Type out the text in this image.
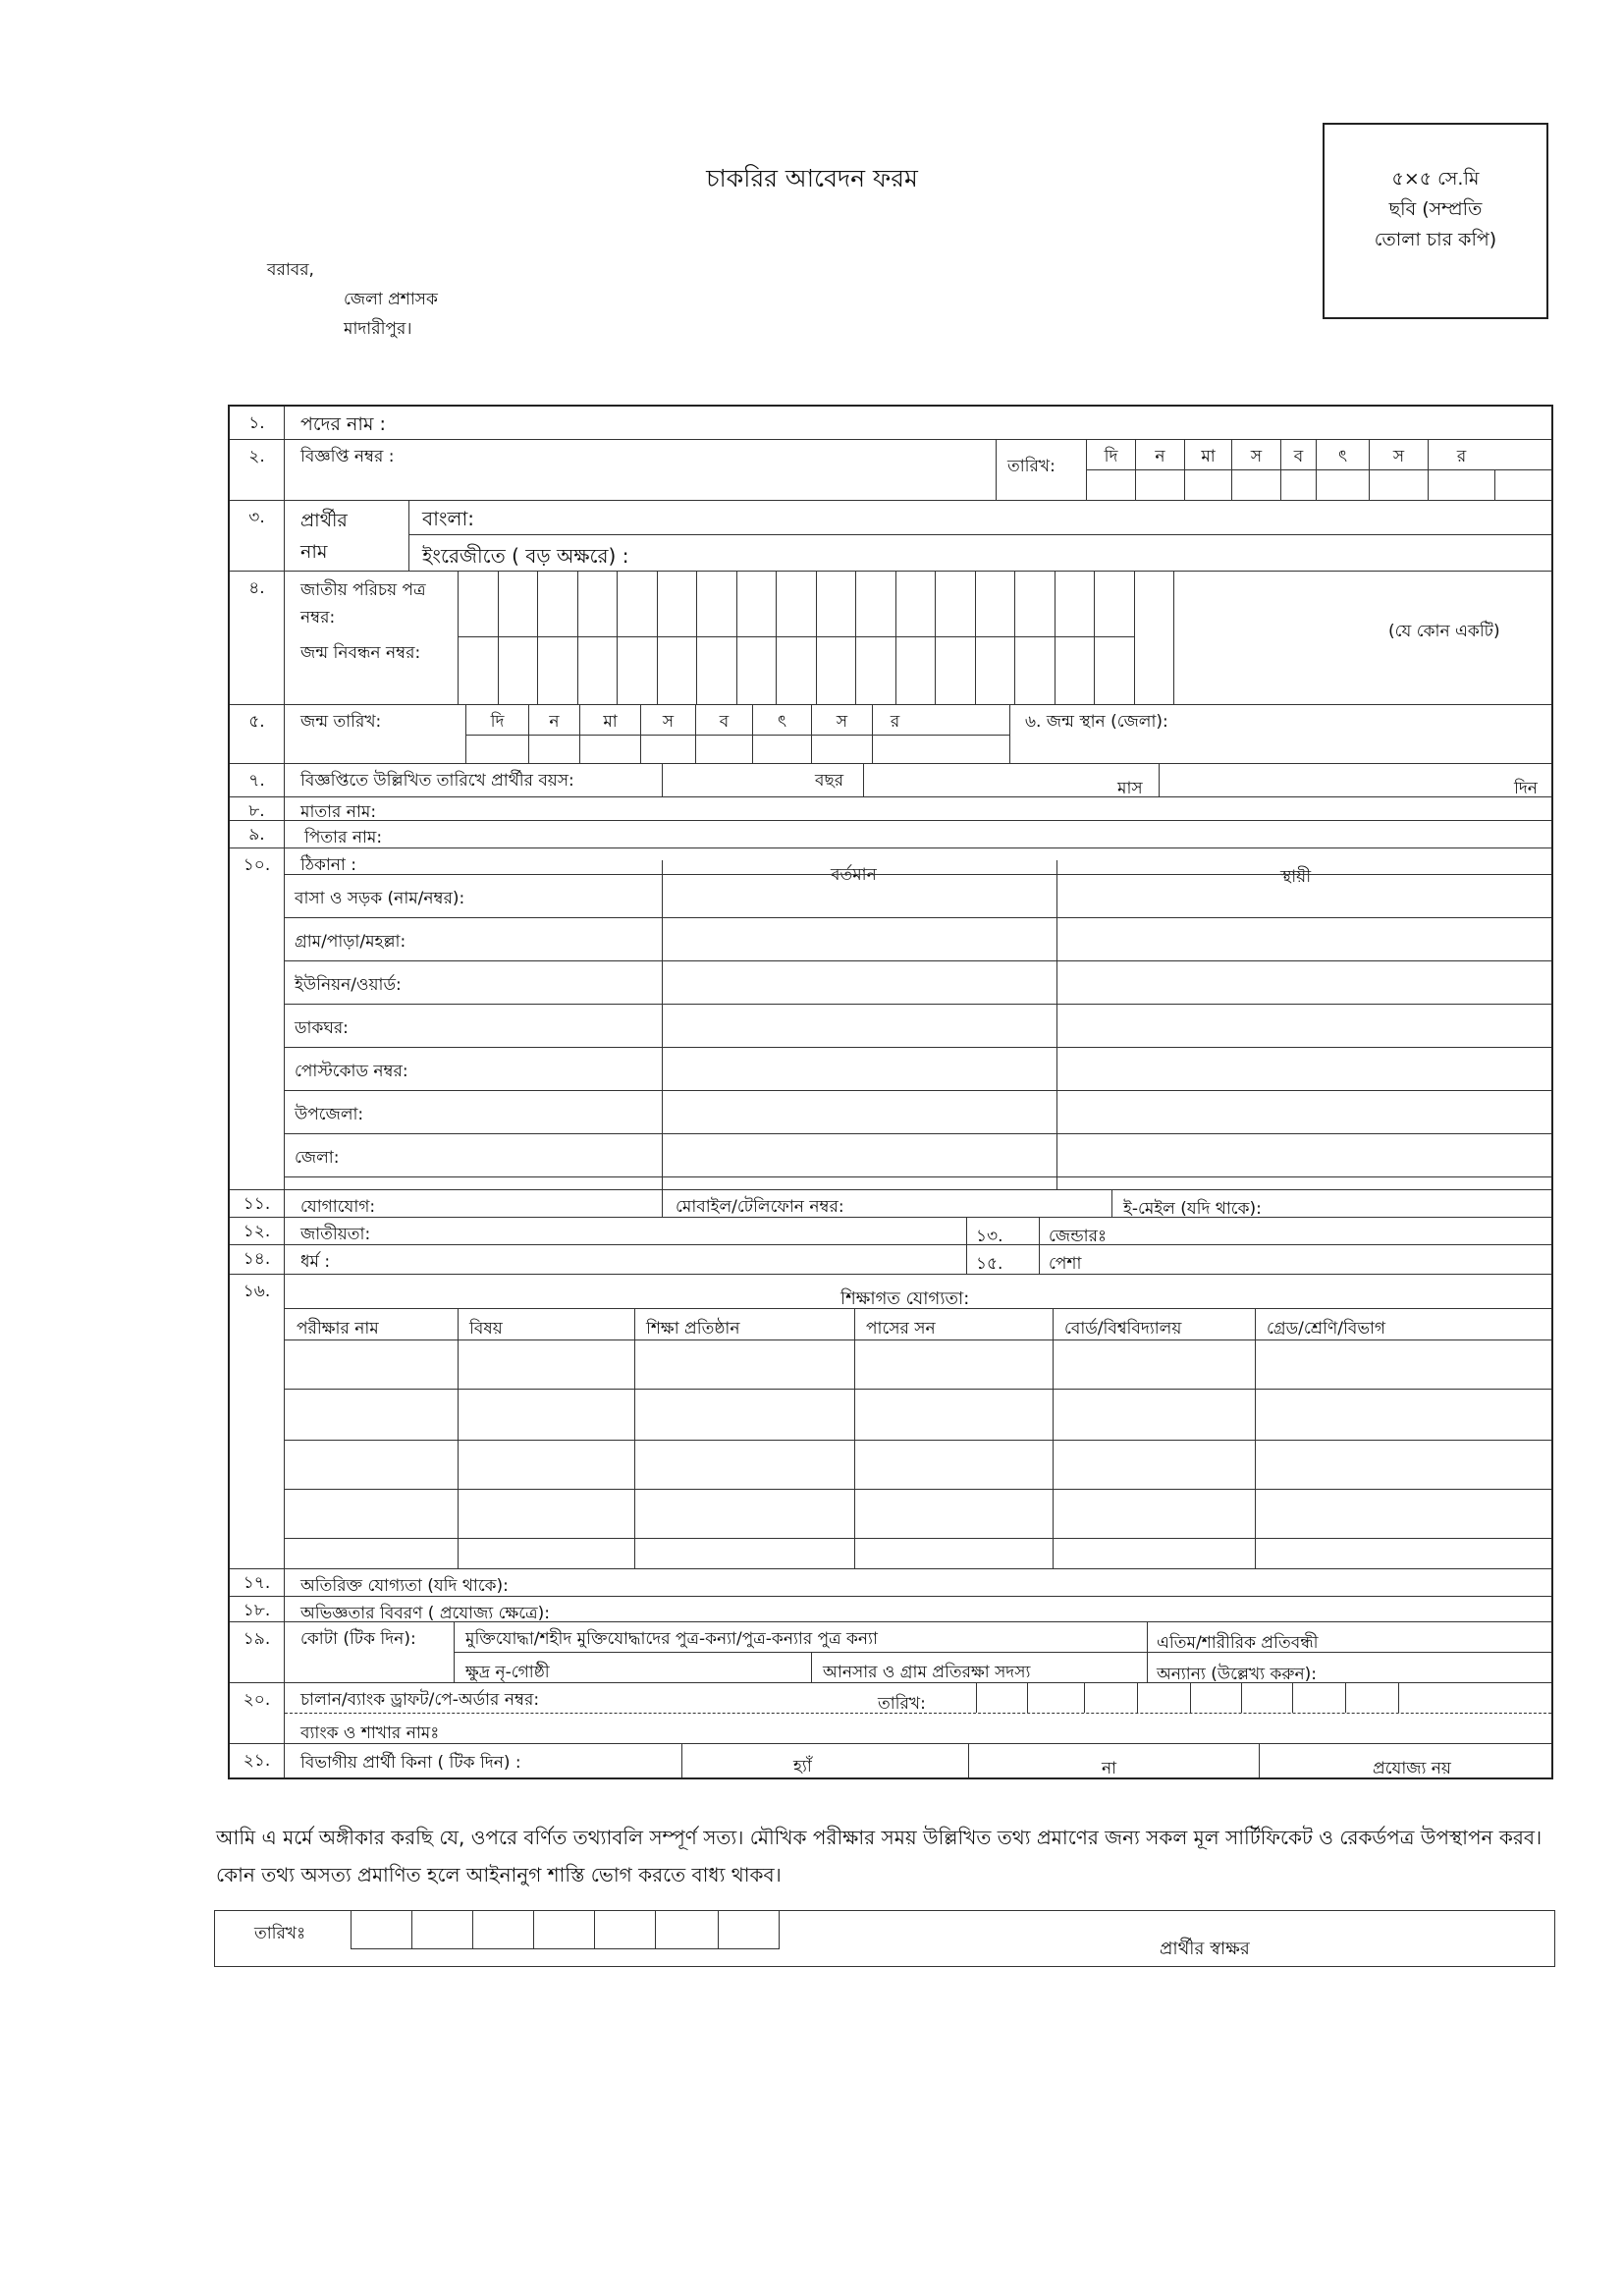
চাকরির আবেদন ফরম	৫×৫ সে.মি
ছবি (সম্প্রতি
তোলা চার কপি)
বরাবর,
জেলা প্রশাসক
মাদারীপুর।
১.	পদের নাম :
২.	বিজ্ঞপ্তি নম্বর :	তারিখ:	দি	ন	মা	স	ব	ৎ	স	র
৩.	প্রার্থীর
নাম
বাংলা:
ইংরেজীতে ( বড় অক্ষরে) :
৪.	জাতীয় পরিচয় পত্র
নম্বর:
জন্ম নিবন্ধন নম্বর:
(যে কোন একটি)
৫.	জন্ম তারিখ:	দি	ন	মা	স	ব	ৎ	স	র	৬. জন্ম স্থান (জেলা):
৭.	বিজ্ঞপ্তিতে উল্লিখিত তারিখে প্রার্থীর বয়স:	বছর	মাস	দিন
৮.	মাতার নাম:
৯.	পিতার নাম:
১০.	ঠিকানা :	বর্তমান	স্থায়ী
বাসা ও সড়ক (নাম/নম্বর):
গ্রাম/পাড়া/মহল্লা:
ইউনিয়ন/ওয়ার্ড:
ডাকঘর:
পোস্টকোড নম্বর:
উপজেলা:
জেলা:
১১.	যোগাযোগ:	মোবাইল/টেলিফোন নম্বর:	ই-মেইল (যদি থাকে):
১২.	জাতীয়তা:	১৩.	জেন্ডারঃ
১৪.	ধর্ম :	১৫.	পেশা
১৬.	শিক্ষাগত যোগ্যতা:
পরীক্ষার নাম	বিষয়	শিক্ষা প্রতিষ্ঠান	পাসের সন	বোর্ড/বিশ্ববিদ্যালয়	গ্রেড/শ্রেণি/বিভাগ
১৭.	অতিরিক্ত যোগ্যতা (যদি থাকে):
১৮.	অভিজ্ঞতার বিবরণ ( প্রযোজ্য ক্ষেত্রে):
১৯.	কোটা (টিক দিন):	মুক্তিযোদ্ধা/শহীদ মুক্তিযোদ্ধাদের পুত্র-কন্যা/পুত্র-কন্যার পুত্র কন্যা	এতিম/শারীরিক প্রতিবন্ধী
ক্ষুদ্র নৃ-গোষ্ঠী	আনসার ও গ্রাম প্রতিরক্ষা সদস্য	অন্যান্য (উল্লেখ্য করুন):
২০.	চালান/ব্যাংক ড্রাফট/পে-অর্ডার নম্বর:	তারিখ:
ব্যাংক ও শাখার নামঃ
২১.	বিভাগীয় প্রার্থী কিনা ( টিক দিন) :	হ্যাঁ	না	প্রযোজ্য নয়
আমি এ মর্মে অঙ্গীকার করছি যে, ওপরে বর্ণিত তথ্যাবলি সম্পূর্ণ সত্য। মৌখিক পরীক্ষার সময় উল্লিখিত তথ্য প্রমাণের জন্য সকল মূল সার্টিফিকেট ও রেকর্ডপত্র উপস্থাপন করব। কোন তথ্য অসত্য প্রমাণিত হলে আইনানুগ শাস্তি ভোগ করতে বাধ্য থাকব।
তারিখঃ
প্রার্থীর স্বাক্ষর
